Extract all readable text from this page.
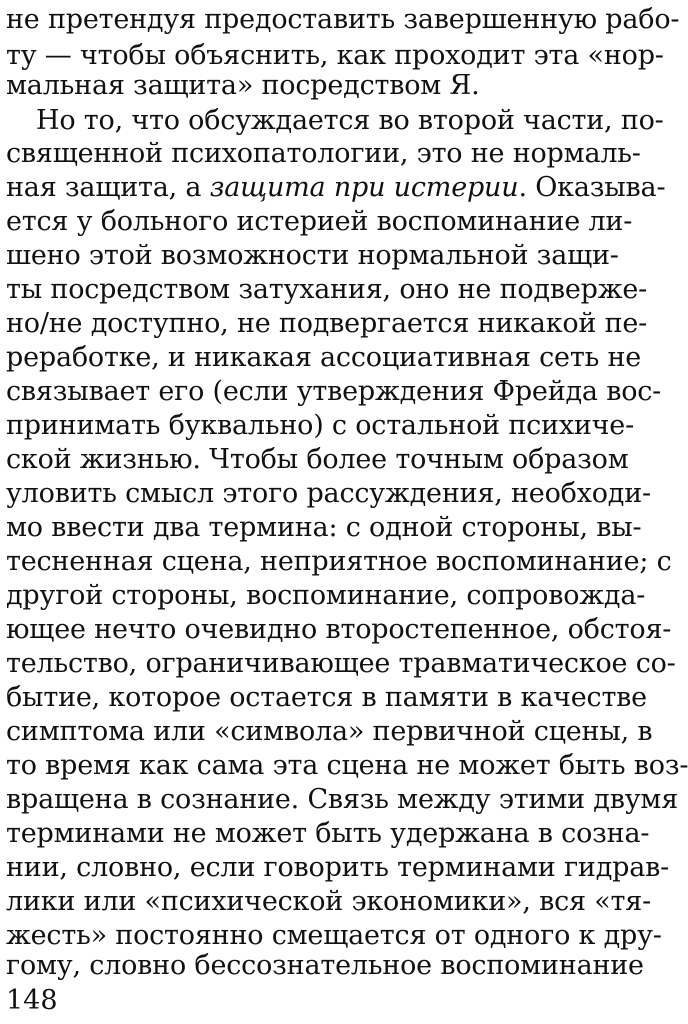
не претендуя предоставить завершенную рабо-
ту — чтобы объяснить, как проходит эта «нор-
мальная защита» посредством Я.
Но то, что обсуждается во второй части, по-
священной психопатологии, это не нормаль-
ная защита, а защита при истерии. Оказыва-
ется у больного истерией воспоминание ли-
шено этой возможности нормальной защи-
ты посредством затухания, оно не подвержe-
но/не доступно, не подвергается никакой пе-
реработке, и никакая ассоциативная сеть не
связывает его (если утверждения Фрейда вос-
принимать буквально) с остальной психичe-
ской жизнью. Чтобы более точным образом
уловить смысл этого рассуждения, необходи-
мо ввести два термина: с одной стороны, вы-
тесненная сцена, неприятное воспоминание; с
другой стороны, воспоминание, сопровожда-
ющее нечто очевидно второстепенное, обстоя-
тельство, ограничивающее травматическое со-
бытие, которое остается в памяти в качестве
симптома или «символа» первичной сцены, в
то время как сама эта сцена не может быть воз-
вращена в сознание. Связь между этими двумя
терминами не может быть удержана в созна-
нии, словно, если говорить терминами гидрав-
лики или «психической экономики», вся «тя-
жесть» постоянно смещается от одного к дру-
гому, словно бессознательное воспоминание
148
